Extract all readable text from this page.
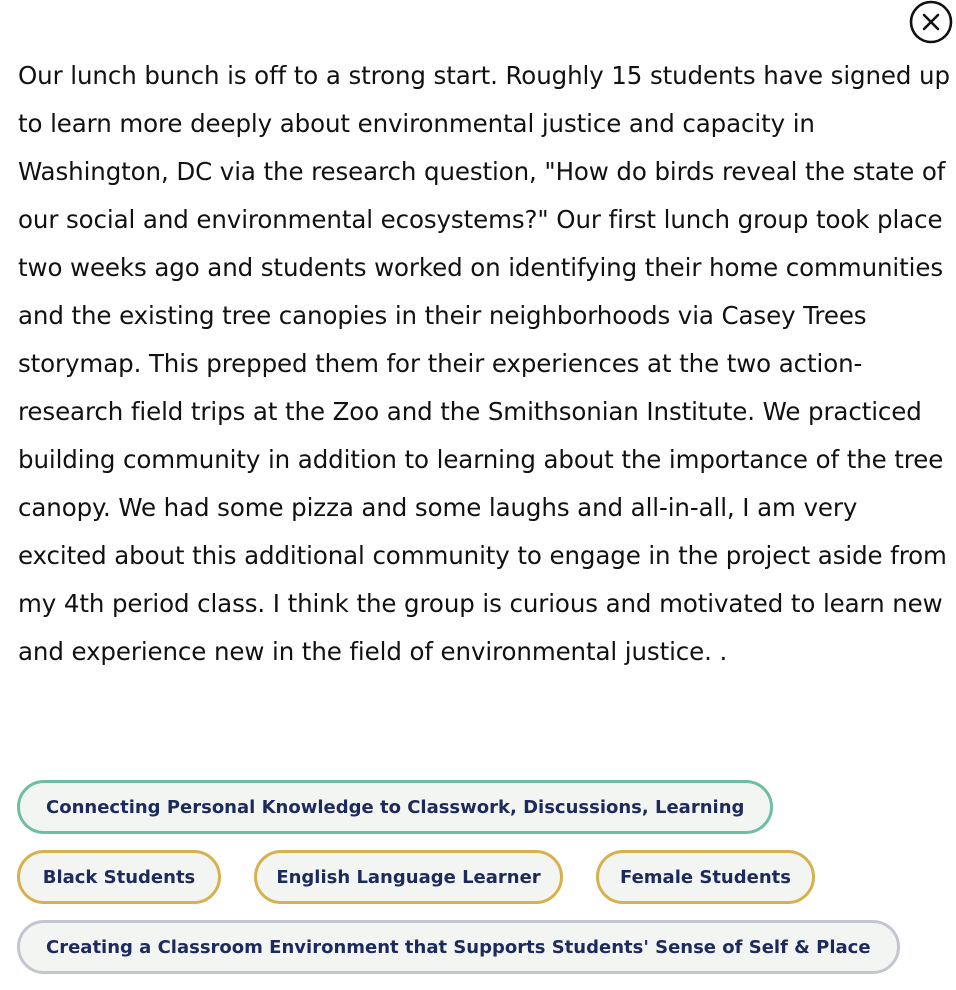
Our lunch bunch is off to a strong start. Roughly 15 students have signed up to learn more deeply about environmental justice and capacity in Washington, DC via the research question, "How do birds reveal the state of our social and environmental ecosystems?" Our first lunch group took place two weeks ago and students worked on identifying their home communities and the existing tree canopies in their neighborhoods via Casey Trees storymap. This prepped them for their experiences at the two action-research field trips at the Zoo and the Smithsonian Institute. We practiced building community in addition to learning about the importance of the tree canopy. We had some pizza and some laughs and all-in-all, I am very excited about this additional community to engage in the project aside from my 4th period class. I think the group is curious and motivated to learn new and experience new in the field of environmental justice. .

Connecting Personal Knowledge to Classwork, Discussions, Learning
Black Students	English Language Learner	Female Students
Creating a Classroom Environment that Supports Students' Sense of Self & Place
